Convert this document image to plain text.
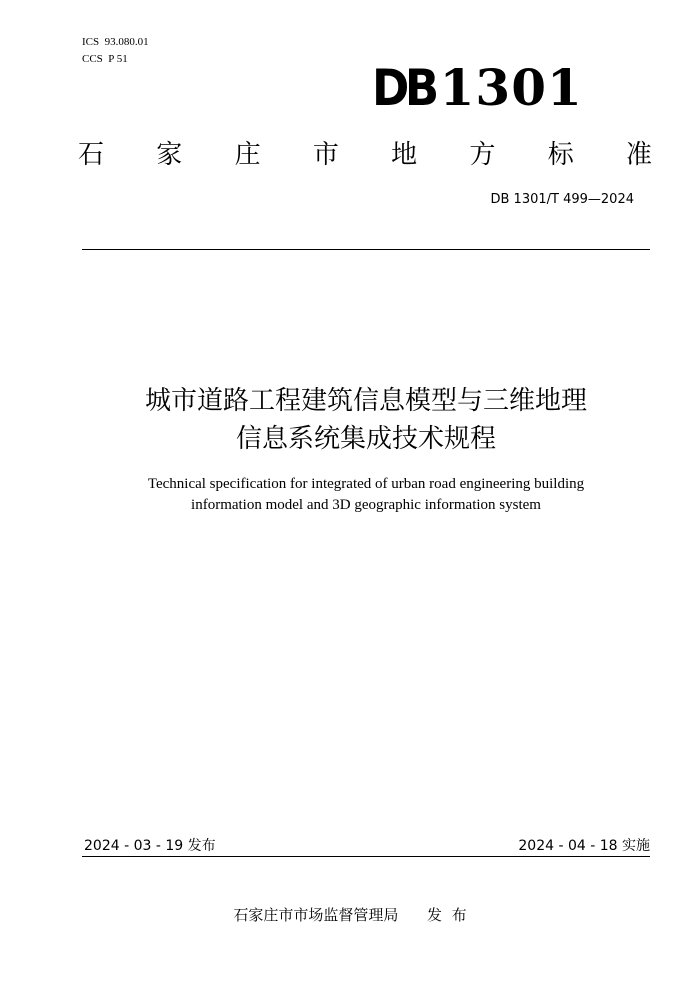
ICS  93.080.01
CCS  P 51	DB1301
石 家 庄 市 地 方 标 准
DB 1301/T 499—2024
城市道路工程建筑信息模型与三维地理
信息系统集成技术规程
Technical specification for integrated of urban road engineering building
information model and 3D geographic information system
2024 - 03 - 19 发布	2024 - 04 - 18 实施
石家庄市市场监督管理局      发  布
